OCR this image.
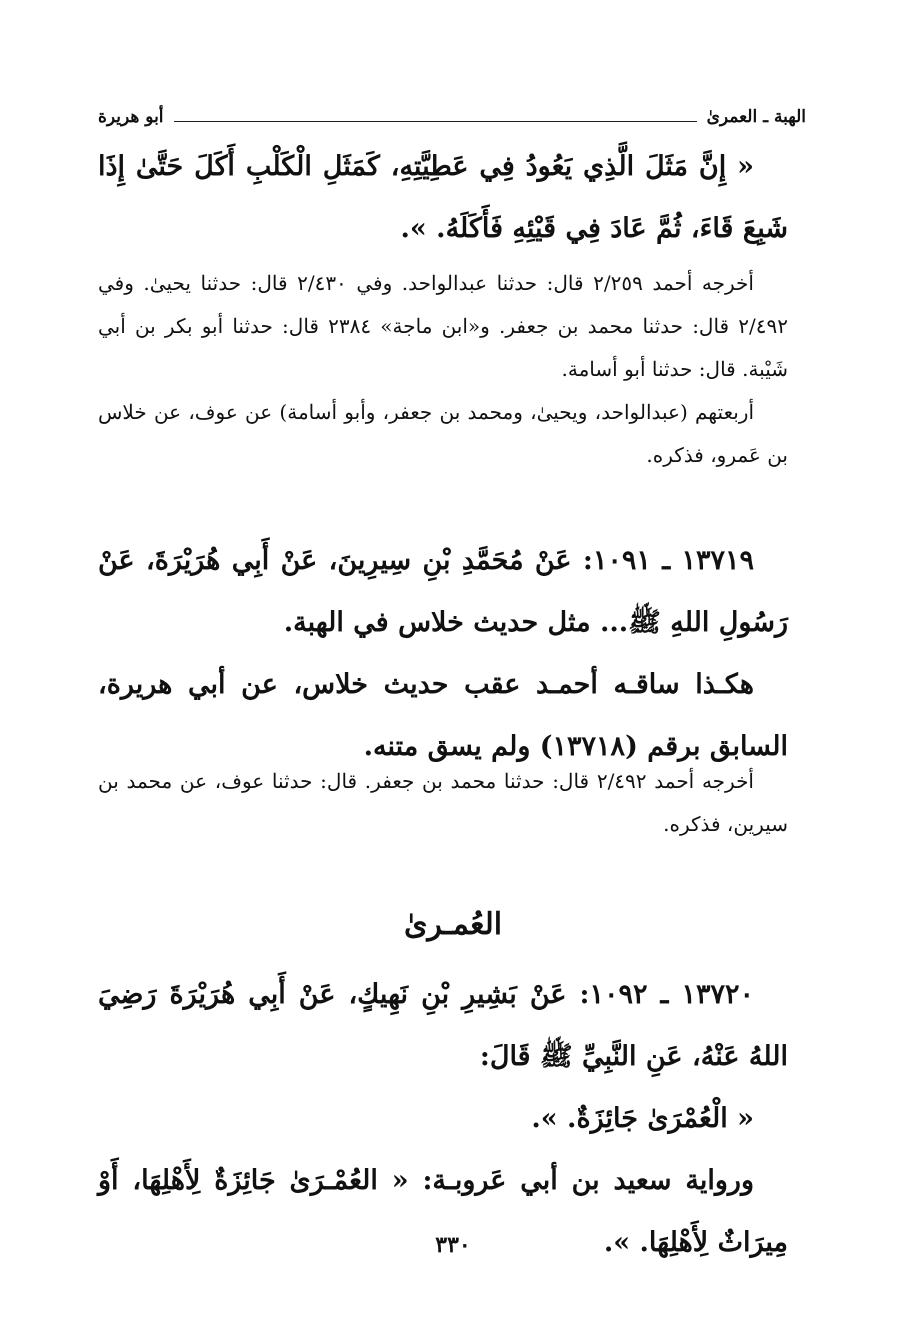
الهبة ـ العمرىٰ
أبو هريرة

« إِنَّ مَثَلَ الَّذِي يَعُودُ فِي عَطِيَّتِهِ، كَمَثَلِ الْكَلْبِ أَكَلَ حَتَّىٰ إِذَا شَبِعَ قَاءَ، ثُمَّ عَادَ فِي قَيْئِهِ فَأَكَلَهُ. ».

أخرجه أحمد ٢/٢٥٩ قال: حدثنا عبدالواحد. وفي ٢/٤٣٠ قال: حدثنا يحيىٰ. وفي ٢/٤٩٢ قال: حدثنا محمد بن جعفر. و«ابن ماجة» ٢٣٨٤ قال: حدثنا أبو بكر بن أبي شَيْبة. قال: حدثنا أبو أسامة.

أربعتهم (عبدالواحد، ويحيىٰ، ومحمد بن جعفر، وأبو أسامة) عن عوف، عن خلاس بن عَمرو، فذكره.

١٣٧١٩ ـ ١٠٩١: عَنْ مُحَمَّدِ بْنِ سِيرِينَ، عَنْ أَبِي هُرَيْرَةَ، عَنْ رَسُولِ اللهِ ﷺ... مثل حديث خلاس في الهبة.

هكـذا ساقـه أحمـد عقب حديث خلاس، عن أبي هريرة، السابق برقم (١٣٧١٨) ولم يسق متنه.

أخرجه أحمد ٢/٤٩٢ قال: حدثنا محمد بن جعفر. قال: حدثنا عوف، عن محمد بن سيرين، فذكره.

العُمـرىٰ

١٣٧٢٠ ـ ١٠٩٢: عَنْ بَشِيرِ بْنِ نَهِيكٍ، عَنْ أَبِي هُرَيْرَةَ رَضِيَ اللهُ عَنْهُ، عَنِ النَّبِيِّ ﷺ قَالَ:

« الْعُمْرَىٰ جَائِزَةٌ. ».

ورواية سعيد بن أبي عَروبـة: « العُمْـرَىٰ جَائِزَةٌ لِأَهْلِهَا، أَوْ مِيرَاثٌ لِأَهْلِهَا. ».

٣٣٠
